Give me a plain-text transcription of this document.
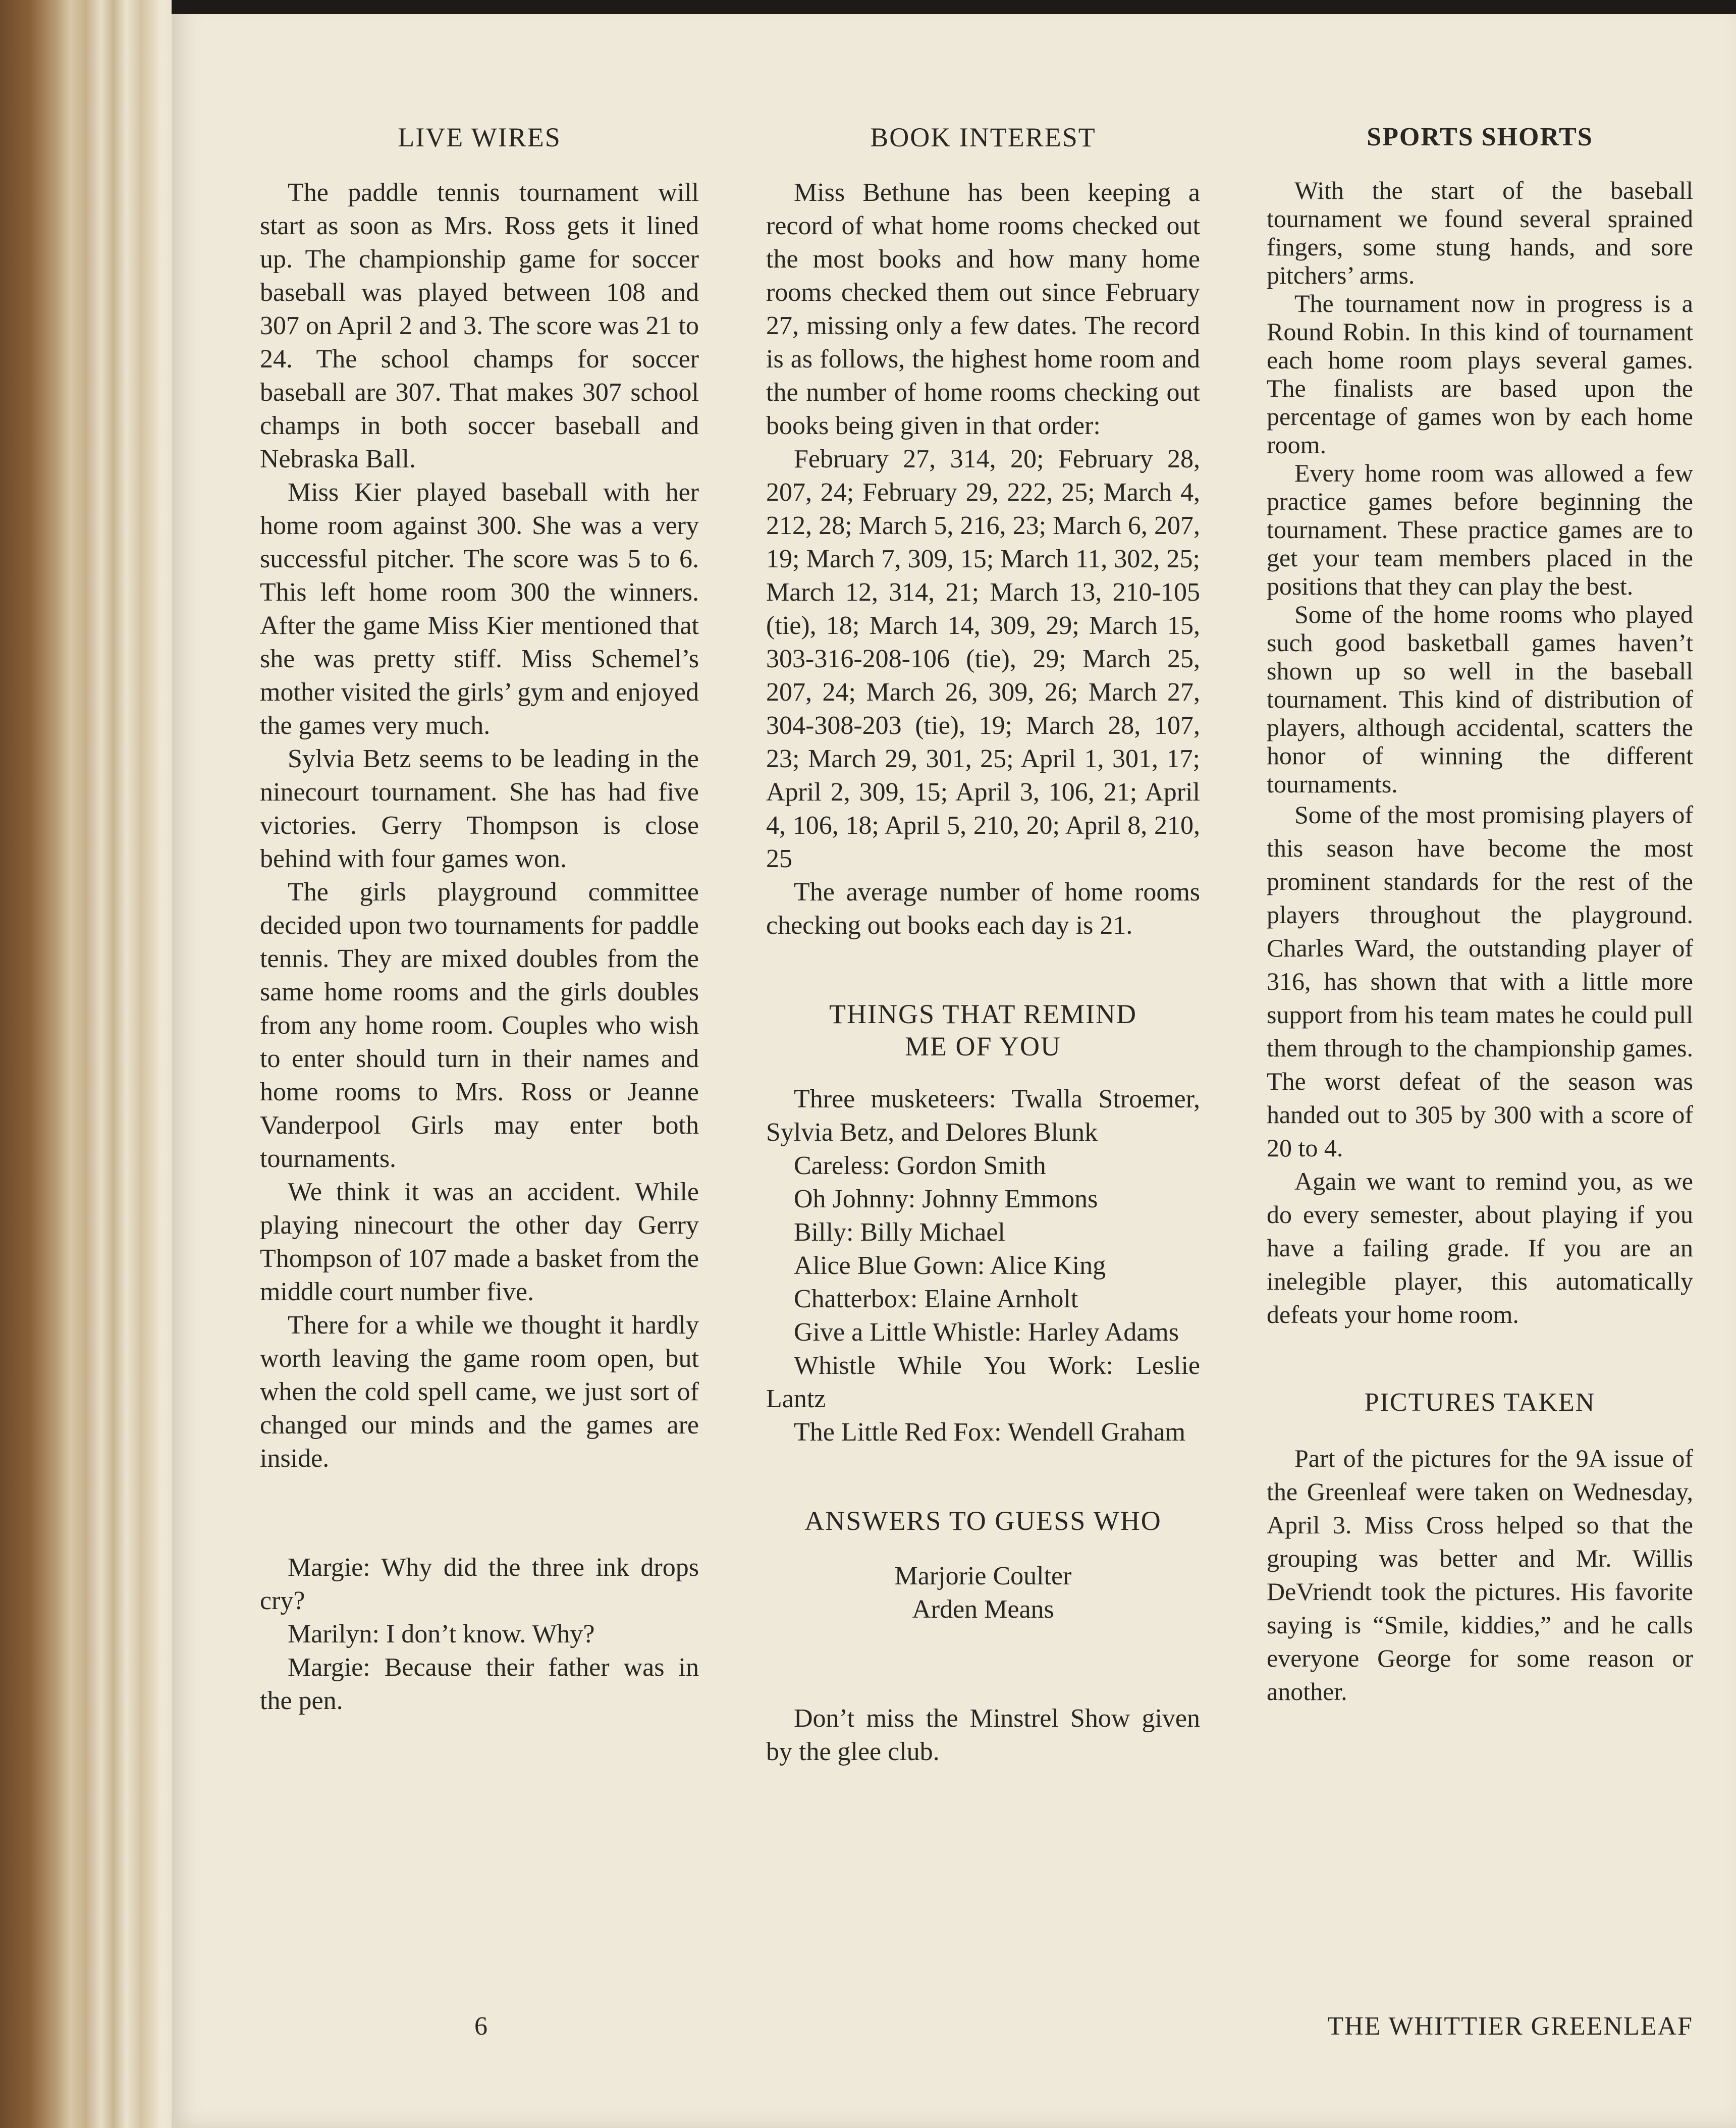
LIVE WIRES

The paddle tennis tournament will start as soon as Mrs. Ross gets it lined up. The championship game for soccer baseball was played between 108 and 307 on April 2 and 3. The score was 21 to 24. The school champs for soccer baseball are 307. That makes 307 school champs in both soccer baseball and Nebraska Ball.

Miss Kier played baseball with her home room against 300. She was a very successful pitcher. The score was 5 to 6. This left home room 300 the winners. After the game Miss Kier mentioned that she was pretty stiff. Miss Schemel’s mother visited the girls’ gym and enjoyed the games very much.

Sylvia Betz seems to be leading in the ninecourt tournament. She has had five victories. Gerry Thompson is close behind with four games won.

The girls playground committee decided upon two tournaments for paddle tennis. They are mixed doubles from the same home rooms and the girls doubles from any home room. Couples who wish to enter should turn in their names and home rooms to Mrs. Ross or Jeanne Vanderpool Girls may enter both tournaments.

We think it was an accident. While playing ninecourt the other day Gerry Thompson of 107 made a basket from the middle court number five.

There for a while we thought it hardly worth leaving the game room open, but when the cold spell came, we just sort of changed our minds and the games are inside.

Margie: Why did the three ink drops cry?

Marilyn: I don’t know. Why?

Margie: Because their father was in the pen.

6
BOOK INTEREST

Miss Bethune has been keeping a record of what home rooms checked out the most books and how many home rooms checked them out since February 27, missing only a few dates. The record is as follows, the highest home room and the number of home rooms checking out books being given in that order:

February 27, 314, 20; February 28, 207, 24; February 29, 222, 25; March 4, 212, 28; March 5, 216, 23; March 6, 207, 19; March 7, 309, 15; March 11, 302, 25; March 12, 314, 21; March 13, 210-105 (tie), 18; March 14, 309, 29; March 15, 303-316-208-106 (tie), 29; March 25, 207, 24; March 26, 309, 26; March 27, 304-308-203 (tie), 19; March 28, 107, 23; March 29, 301, 25; April 1, 301, 17; April 2, 309, 15; April 3, 106, 21; April 4, 106, 18; April 5, 210, 20; April 8, 210, 25

The average number of home rooms checking out books each day is 21.

THINGS THAT REMIND
ME OF YOU

Three musketeers: Twalla Stroemer, Sylvia Betz, and Delores Blunk

Careless: Gordon Smith

Oh Johnny: Johnny Emmons

Billy: Billy Michael

Alice Blue Gown: Alice King

Chatterbox: Elaine Arnholt

Give a Little Whistle: Harley Adams

Whistle While You Work: Leslie Lantz

The Little Red Fox: Wendell Graham

ANSWERS TO GUESS WHO

Marjorie Coulter

Arden Means

Don’t miss the Minstrel Show given by the glee club.

SPORTS SHORTS

With the start of the baseball tournament we found several sprained fingers, some stung hands, and sore pitchers’ arms.

The tournament now in progress is a Round Robin. In this kind of tournament each home room plays several games. The finalists are based upon the percentage of games won by each home room.

Every home room was allowed a few practice games before beginning the tournament. These practice games are to get your team members placed in the positions that they can play the best.

Some of the home rooms who played such good basketball games haven’t shown up so well in the baseball tournament. This kind of distribution of players, although accidental, scatters the honor of winning the different tournaments.

Some of the most promising players of this season have become the most prominent standards for the rest of the players throughout the playground. Charles Ward, the outstanding player of 316, has shown that with a little more support from his team mates he could pull them through to the championship games. The worst defeat of the season was handed out to 305 by 300 with a score of 20 to 4.

Again we want to remind you, as we do every semester, about playing if you have a failing grade. If you are an inelegible player, this automatically defeats your home room.

PICTURES TAKEN

Part of the pictures for the 9A issue of the Greenleaf were taken on Wednesday, April 3. Miss Cross helped so that the grouping was better and Mr. Willis DeVriendt took the pictures. His favorite saying is “Smile, kiddies,” and he calls everyone George for some reason or another.

THE WHITTIER GREENLEAF
